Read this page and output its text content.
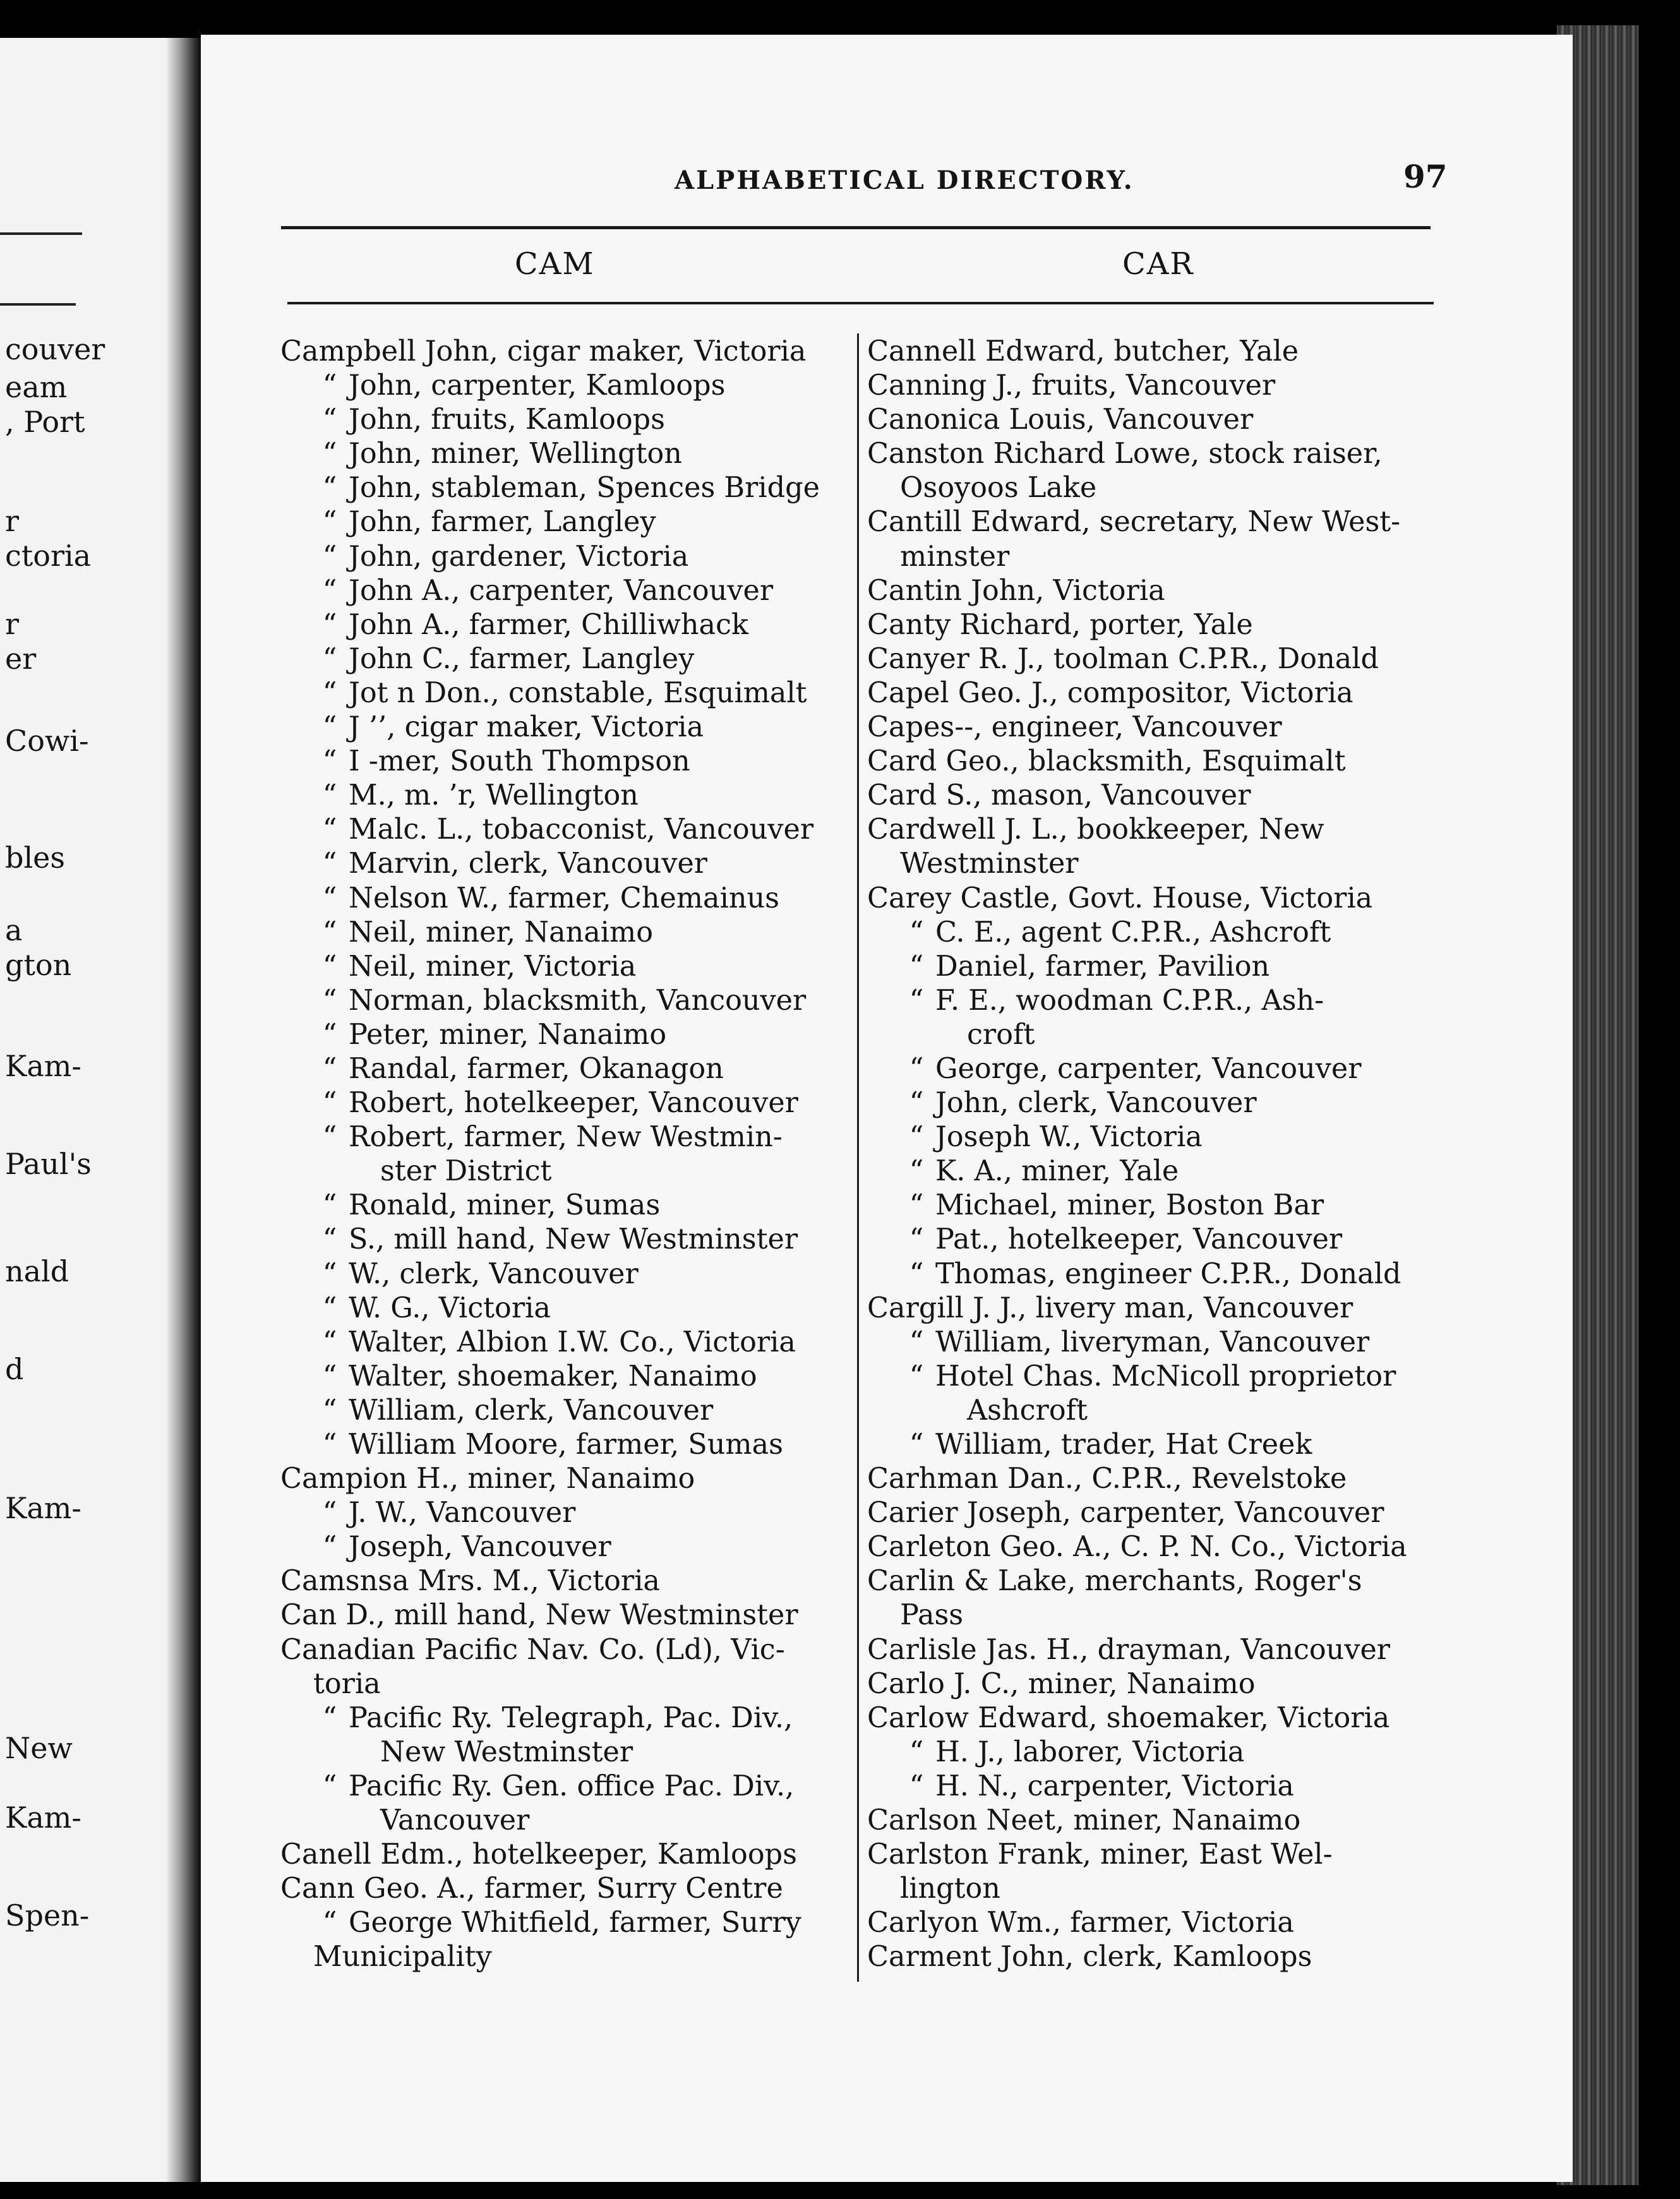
couver
eam
, Port
r
ctoria
r
er
Cowi-
bles
a
gton
Kam-
Paul's
nald
d
Kam-
New
Kam-
Spen-
ALPHABETICAL DIRECTORY.	97
CAM	CAR
Campbell John, cigar maker, Victoria
“ John, carpenter, Kamloops
“ John, fruits, Kamloops
“ John, miner, Wellington
“ John, stableman, Spences Bridge
“ John, farmer, Langley
“ John, gardener, Victoria
“ John A., carpenter, Vancouver
“ John A., farmer, Chilliwhack
“ John C., farmer, Langley
“ Jot n Don., constable, Esquimalt
“ J ’’, cigar maker, Victoria
“ I -mer, South Thompson
“ M., m. ’r, Wellington
“ Malc. L., tobacconist, Vancouver
“ Marvin, clerk, Vancouver
“ Nelson W., farmer, Chemainus
“ Neil, miner, Nanaimo
“ Neil, miner, Victoria
“ Norman, blacksmith, Vancouver
“ Peter, miner, Nanaimo
“ Randal, farmer, Okanagon
“ Robert, hotelkeeper, Vancouver
“ Robert, farmer, New Westmin-
ster District
“ Ronald, miner, Sumas
“ S., mill hand, New Westminster
“ W., clerk, Vancouver
“ W. G., Victoria
“ Walter, Albion I.W. Co., Victoria
“ Walter, shoemaker, Nanaimo
“ William, clerk, Vancouver
“ William Moore, farmer, Sumas
Campion H., miner, Nanaimo
“ J. W., Vancouver
“ Joseph, Vancouver
Camsnsa Mrs. M., Victoria
Can D., mill hand, New Westminster
Canadian Pacific Nav. Co. (Ld), Vic-
toria
“ Pacific Ry. Telegraph, Pac. Div.,
New Westminster
“ Pacific Ry. Gen. office Pac. Div.,
Vancouver
Canell Edm., hotelkeeper, Kamloops
Cann Geo. A., farmer, Surry Centre
“ George Whitfield, farmer, Surry
Municipality
Cannell Edward, butcher, Yale
Canning J., fruits, Vancouver
Canonica Louis, Vancouver
Canston Richard Lowe, stock raiser,
Osoyoos Lake
Cantill Edward, secretary, New West-
minster
Cantin John, Victoria
Canty Richard, porter, Yale
Canyer R. J., toolman C.P.R., Donald
Capel Geo. J., compositor, Victoria
Capes--, engineer, Vancouver
Card Geo., blacksmith, Esquimalt
Card S., mason, Vancouver
Cardwell J. L., bookkeeper, New
Westminster
Carey Castle, Govt. House, Victoria
“ C. E., agent C.P.R., Ashcroft
“ Daniel, farmer, Pavilion
“ F. E., woodman C.P.R., Ash-
croft
“ George, carpenter, Vancouver
“ John, clerk, Vancouver
“ Joseph W., Victoria
“ K. A., miner, Yale
“ Michael, miner, Boston Bar
“ Pat., hotelkeeper, Vancouver
“ Thomas, engineer C.P.R., Donald
Cargill J. J., livery man, Vancouver
“ William, liveryman, Vancouver
“ Hotel Chas. McNicoll proprietor
Ashcroft
“ William, trader, Hat Creek
Carhman Dan., C.P.R., Revelstoke
Carier Joseph, carpenter, Vancouver
Carleton Geo. A., C. P. N. Co., Victoria
Carlin & Lake, merchants, Roger's
Pass
Carlisle Jas. H., drayman, Vancouver
Carlo J. C., miner, Nanaimo
Carlow Edward, shoemaker, Victoria
“ H. J., laborer, Victoria
“ H. N., carpenter, Victoria
Carlson Neet, miner, Nanaimo
Carlston Frank, miner, East Wel-
lington
Carlyon Wm., farmer, Victoria
Carment John, clerk, Kamloops
